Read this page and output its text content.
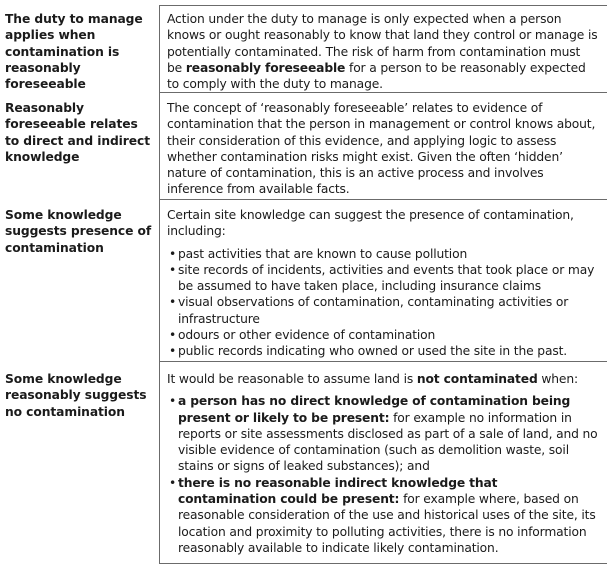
The duty to manage applies when contamination is reasonably foreseeable

Action under the duty to manage is only expected when a person knows or ought reasonably to know that land they control or manage is potentially contaminated. The risk of harm from contamination must be reasonably foreseeable for a person to be reasonably expected to comply with the duty to manage.

Reasonably foreseeable relates to direct and indirect knowledge

The concept of ‘reasonably foreseeable’ relates to evidence of contamination that the person in management or control knows about, their consideration of this evidence, and applying logic to assess whether contamination risks might exist. Given the often ‘hidden’ nature of contamination, this is an active process and involves inference from available facts.

Some knowledge suggests presence of contamination

Certain site knowledge can suggest the presence of contamination, including:

• past activities that are known to cause pollution
• site records of incidents, activities and events that took place or may be assumed to have taken place, including insurance claims
• visual observations of contamination, contaminating activities or infrastructure
• odours or other evidence of contamination
• public records indicating who owned or used the site in the past.
Some knowledge reasonably suggests no contamination

It would be reasonable to assume land is not contaminated when:

• a person has no direct knowledge of contamination being present or likely to be present: for example no information in reports or site assessments disclosed as part of a sale of land, and no visible evidence of contamination (such as demolition waste, soil stains or signs of leaked substances); and
• there is no reasonable indirect knowledge that contamination could be present: for example where, based on reasonable consideration of the use and historical uses of the site, its location and proximity to polluting activities, there is no information reasonably available to indicate likely contamination.
